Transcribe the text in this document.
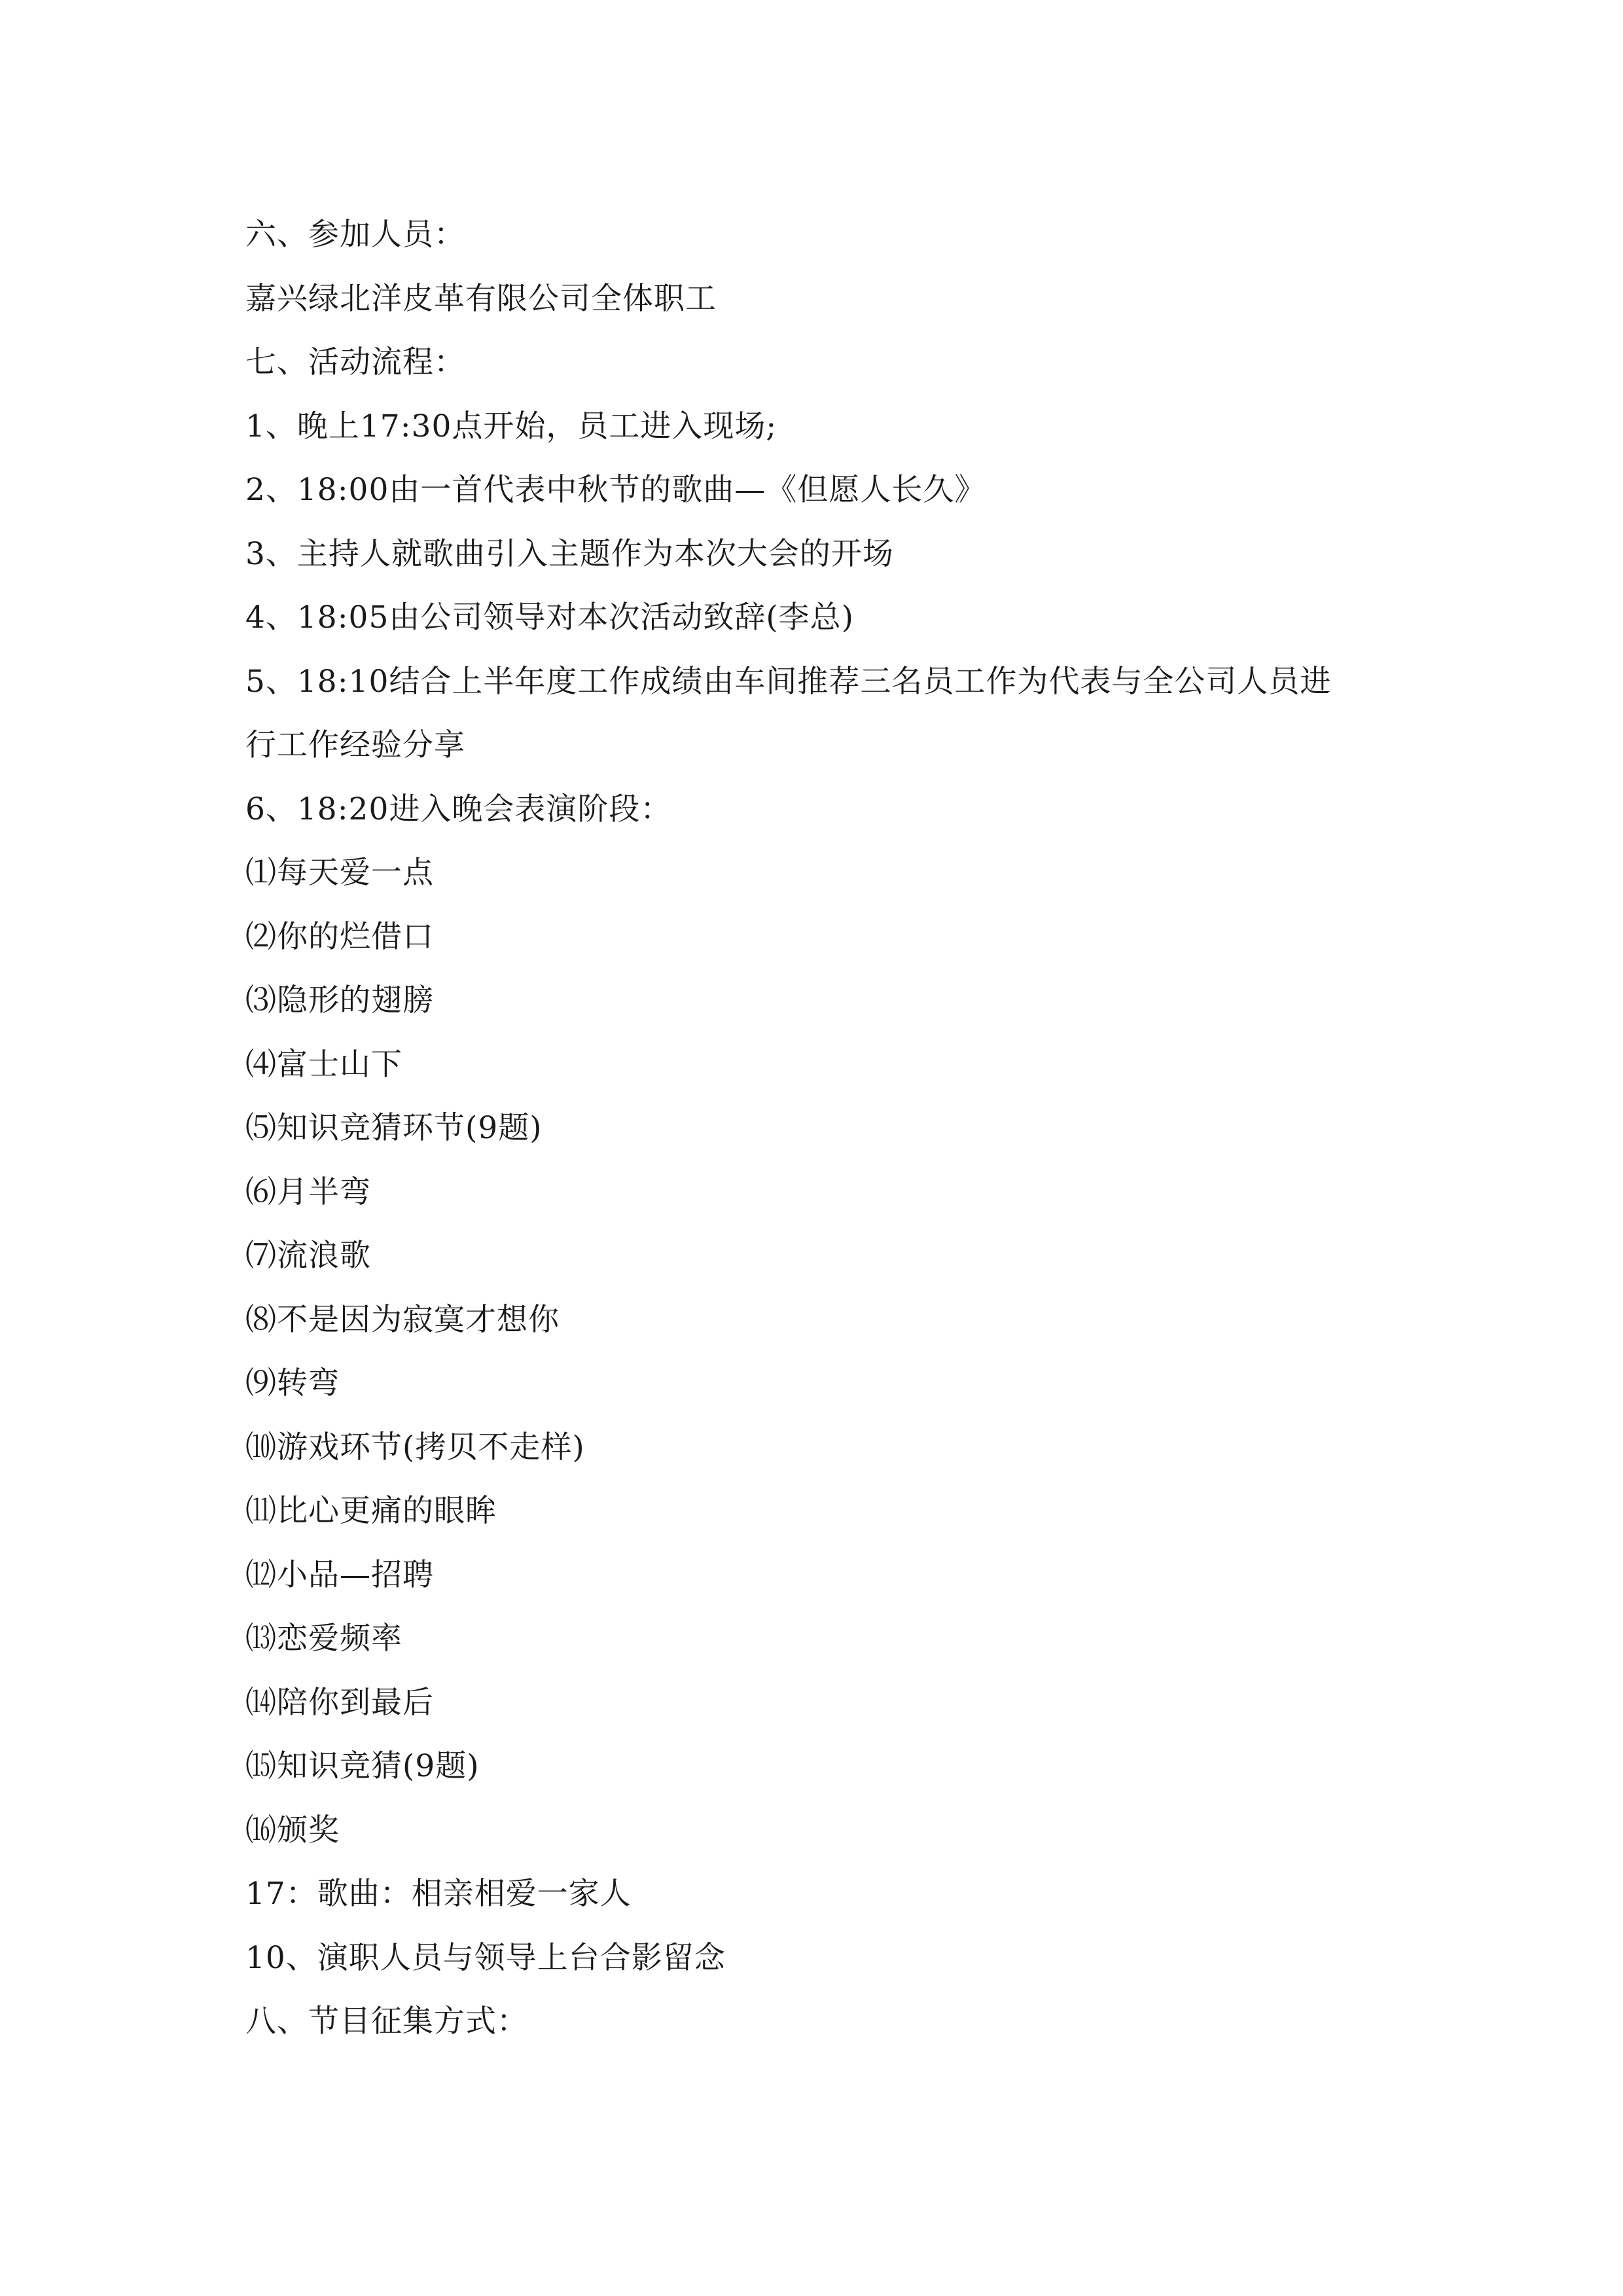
六、参加人员：
嘉兴绿北洋皮革有限公司全体职工
七、活动流程：
1、晚上17:30点开始，员工进入现场;
2、18:00由一首代表中秋节的歌曲—《但愿人长久》
3、主持人就歌曲引入主题作为本次大会的开场
4、18:05由公司领导对本次活动致辞(李总)
5、18:10结合上半年度工作成绩由车间推荐三名员工作为代表与全公司人员进
行工作经验分享
6、18:20进入晚会表演阶段：
⑴每天爱一点
⑵你的烂借口
⑶隐形的翅膀
⑷富士山下
⑸知识竞猜环节(9题)
⑹月半弯
⑺流浪歌
⑻不是因为寂寞才想你
⑼转弯
⑽游戏环节(拷贝不走样)
⑾比心更痛的眼眸
⑿小品—招聘
⒀恋爱频率
⒁陪你到最后
⒂知识竞猜(9题)
⒃颁奖
17：歌曲：相亲相爱一家人
10、演职人员与领导上台合影留念
八、节目征集方式：
